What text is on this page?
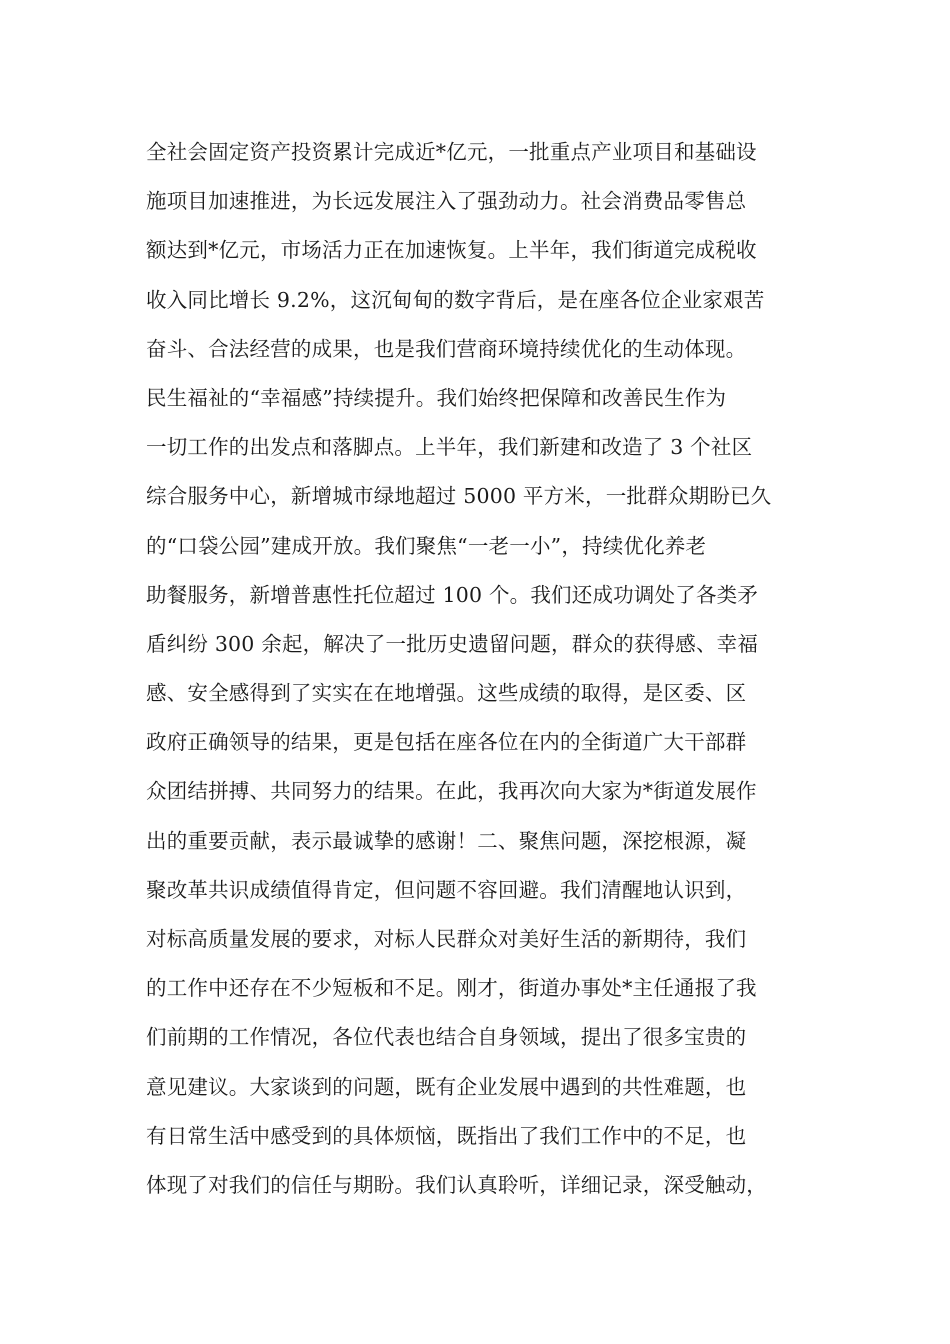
全社会固定资产投资累计完成近*亿元，一批重点产业项目和基础设
施项目加速推进，为长远发展注入了强劲动力。社会消费品零售总
额达到*亿元，市场活力正在加速恢复。上半年，我们街道完成税收
收入同比增长 9.2%，这沉甸甸的数字背后，是在座各位企业家艰苦
奋斗、合法经营的成果，也是我们营商环境持续优化的生动体现。
民生福祉的“幸福感”持续提升。我们始终把保障和改善民生作为
一切工作的出发点和落脚点。上半年，我们新建和改造了 3 个社区
综合服务中心，新增城市绿地超过 5000 平方米，一批群众期盼已久
的“口袋公园”建成开放。我们聚焦“一老一小”，持续优化养老
助餐服务，新增普惠性托位超过 100 个。我们还成功调处了各类矛
盾纠纷 300 余起，解决了一批历史遗留问题，群众的获得感、幸福
感、安全感得到了实实在在地增强。这些成绩的取得，是区委、区
政府正确领导的结果，更是包括在座各位在内的全街道广大干部群
众团结拼搏、共同努力的结果。在此，我再次向大家为*街道发展作
出的重要贡献，表示最诚挚的感谢！二、聚焦问题，深挖根源，凝
聚改革共识成绩值得肯定，但问题不容回避。我们清醒地认识到，
对标高质量发展的要求，对标人民群众对美好生活的新期待，我们
的工作中还存在不少短板和不足。刚才，街道办事处*主任通报了我
们前期的工作情况，各位代表也结合自身领域，提出了很多宝贵的
意见建议。大家谈到的问题，既有企业发展中遇到的共性难题，也
有日常生活中感受到的具体烦恼，既指出了我们工作中的不足，也
体现了对我们的信任与期盼。我们认真聆听，详细记录，深受触动，
